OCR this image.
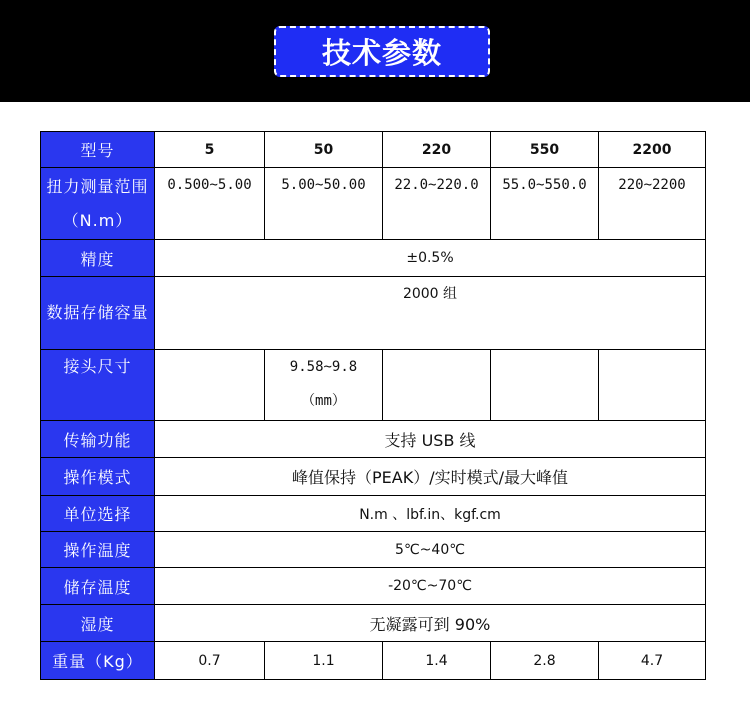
技术参数
型号	5	50	220	550	2200

扭力测量范围（N.m）	0.500~5.00	5.00~50.00	22.0~220.0	55.0~550.0	220~2200

精度	±0.5%				

数据存储容量	2000 组				

接头尺寸		9.58~9.8（mm）			

传输功能	支持 USB 线				
操作模式	峰值保持（PEAK）/实时模式/最大峰值				
单位选择	N.m 、lbf.in、kgf.cm				
操作温度	5℃~40℃				
储存温度	-20℃~70℃				
湿度	无凝露可到 90%				
重量（Kg）	0.7	1.1	1.4	2.8	4.7
